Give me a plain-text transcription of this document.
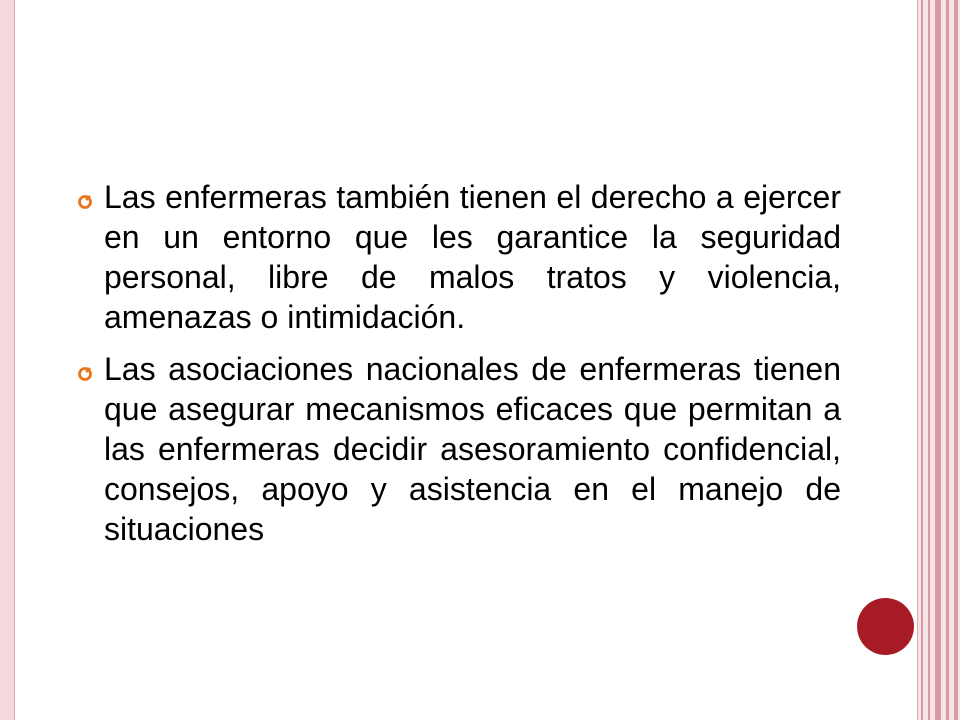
Las enfermeras también tienen el derecho a ejercer en un entorno que les garantice la seguridad personal, libre de malos tratos y violencia, amenazas o intimidación.

Las asociaciones nacionales de enfermeras tienen que asegurar mecanismos eficaces que permitan a las enfermeras decidir asesoramiento confidencial, consejos, apoyo y asistencia en el manejo de situaciones
